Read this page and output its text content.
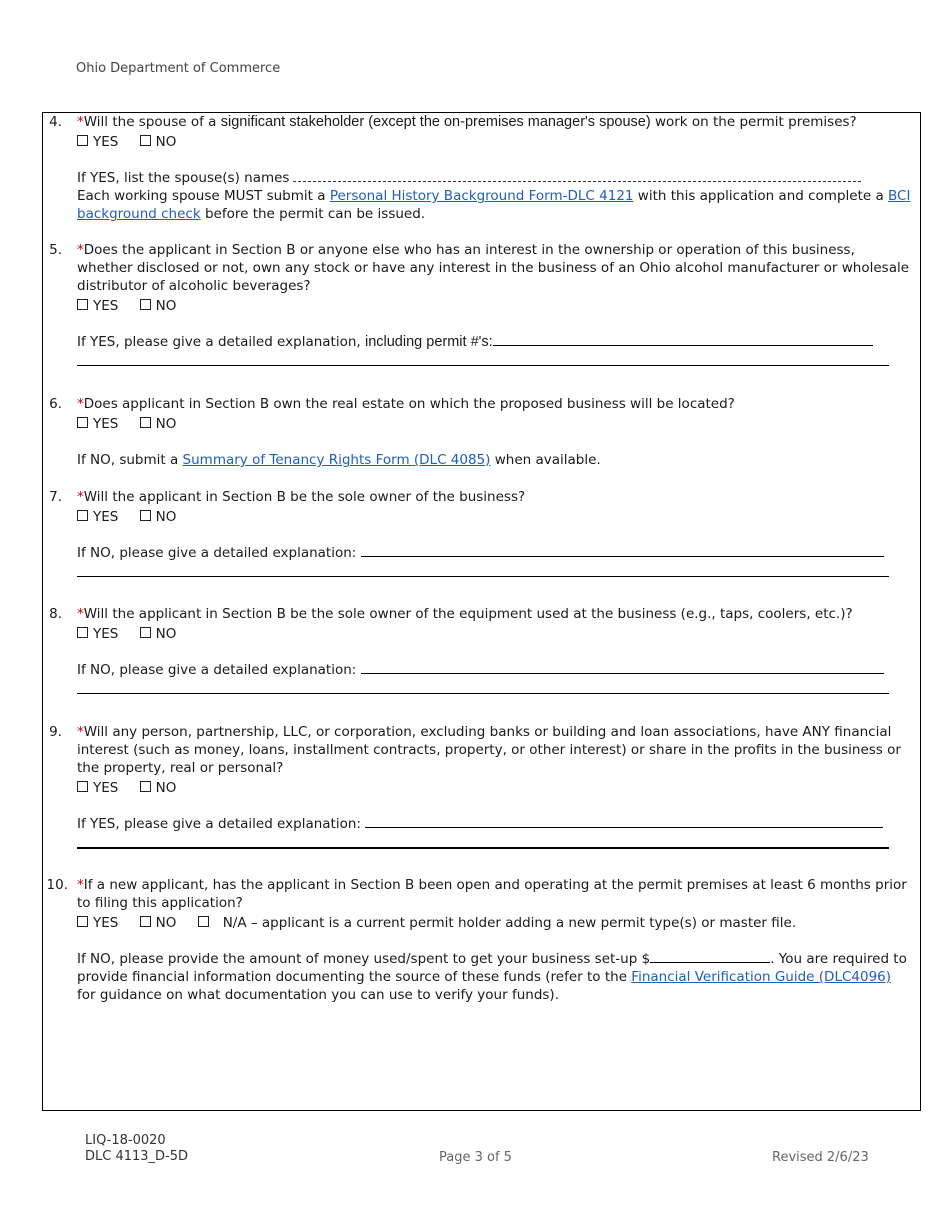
Ohio Department of Commerce
4. *Will the spouse of a significant stakeholder (except the on-premises manager's spouse) work on the permit premises?
YES	NO
If YES, list the spouse(s) names
Each working spouse MUST submit a Personal History Background Form-DLC 4121 with this application and complete a BCI background check before the permit can be issued.
5. *Does the applicant in Section B or anyone else who has an interest in the ownership or operation of this business, whether disclosed or not, own any stock or have any interest in the business of an Ohio alcohol manufacturer or wholesale distributor of alcoholic beverages?
YES	NO
If YES, please give a detailed explanation, including permit #'s:
6. *Does applicant in Section B own the real estate on which the proposed business will be located?
YES	NO
If NO, submit a Summary of Tenancy Rights Form (DLC 4085) when available.
7. *Will the applicant in Section B be the sole owner of the business?
YES	NO
If NO, please give a detailed explanation:
8. *Will the applicant in Section B be the sole owner of the equipment used at the business (e.g., taps, coolers, etc.)?
YES	NO
If NO, please give a detailed explanation:
9. *Will any person, partnership, LLC, or corporation, excluding banks or building and loan associations, have ANY financial interest (such as money, loans, installment contracts, property, or other interest) or share in the profits in the business or the property, real or personal?
YES	NO
If YES, please give a detailed explanation:
10. *If a new applicant, has the applicant in Section B been open and operating at the permit premises at least 6 months prior to filing this application?
YES	NO	N/A – applicant is a current permit holder adding a new permit type(s) or master file.
If NO, please provide the amount of money used/spent to get your business set-up $	. You are required to provide financial information documenting the source of these funds (refer to the Financial Verification Guide (DLC4096) for guidance on what documentation you can use to verify your funds).
LIQ-18-0020
DLC 4113_D-5D	Page 3 of 5	Revised 2/6/23
